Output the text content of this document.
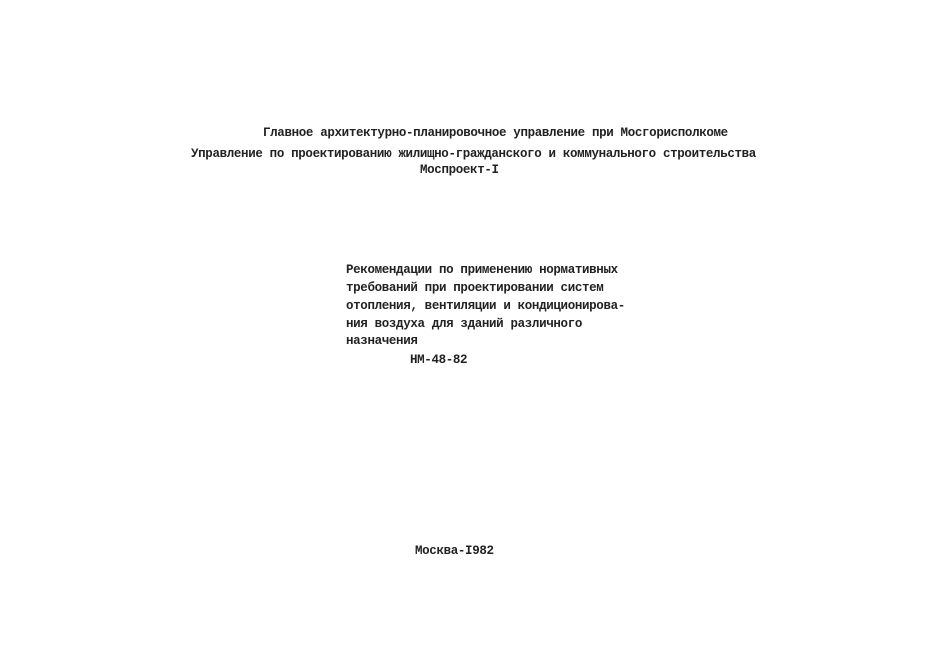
Главное архитектурно-планировочное управление при Мосгорисполкоме
Управление по проектированию жилищно-гражданского и коммунального строительства
Моспроект-I
Рекомендации по применению нормативных
требований при проектировании систем
отопления, вентиляции и кондиционирова-
ния воздуха для зданий различного
назначения
НМ-48-82
Москва-I982
